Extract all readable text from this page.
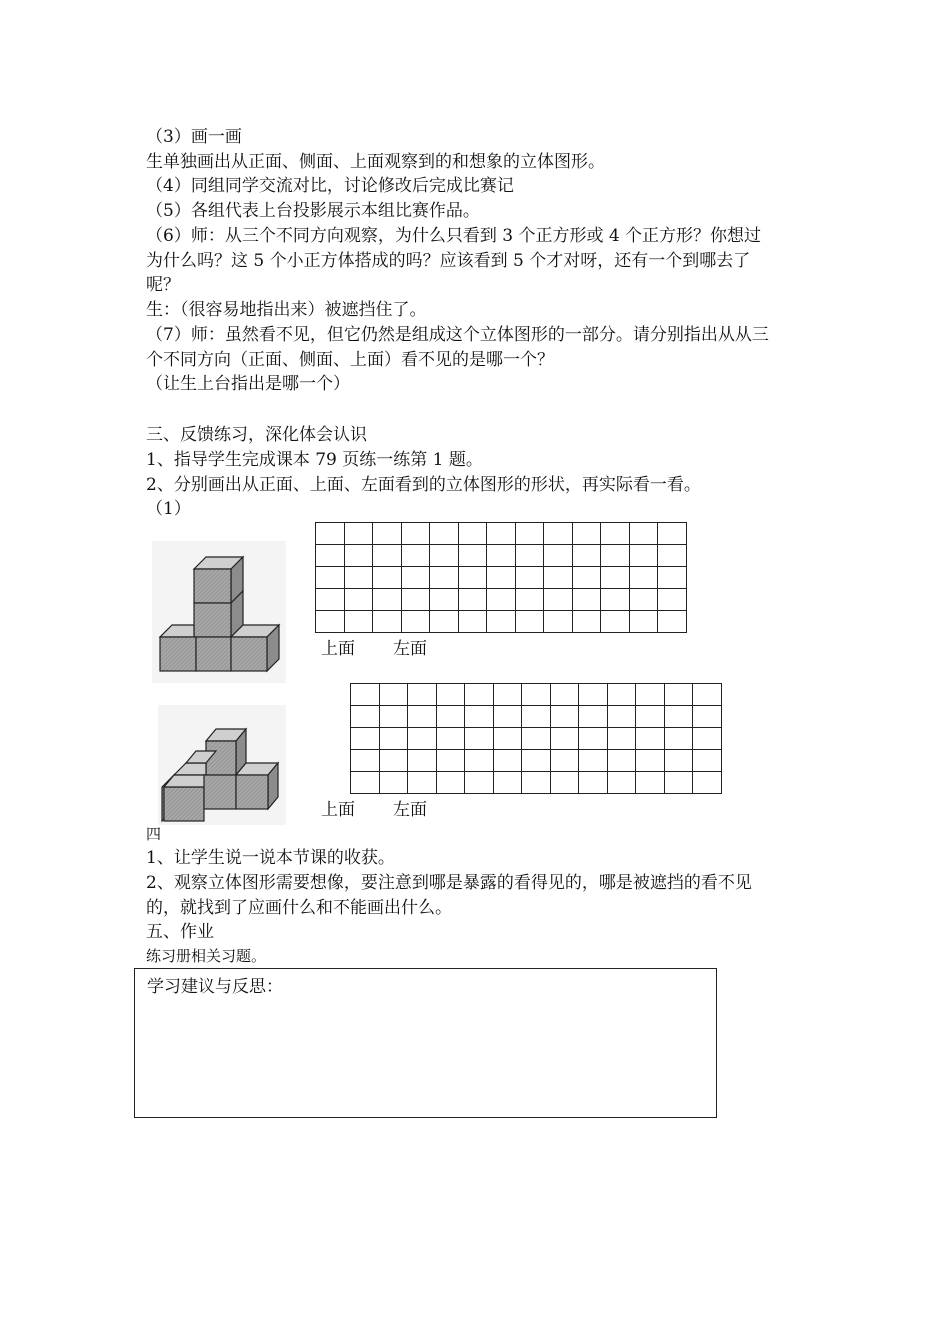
（3）画一画
生单独画出从正面、侧面、上面观察到的和想象的立体图形。
（4）同组同学交流对比，讨论修改后完成比赛记
（5）各组代表上台投影展示本组比赛作品。
（6）师：从三个不同方向观察，为什么只看到 3 个正方形或 4 个正方形？你想过
为什么吗？这 5 个小正方体搭成的吗？应该看到 5 个才对呀，还有一个到哪去了
呢？
生：（很容易地指出来）被遮挡住了。
（7）师：虽然看不见，但它仍然是组成这个立体图形的一部分。请分别指出从从三
个不同方向（正面、侧面、上面）看不见的是哪一个？
（让生上台指出是哪一个）
三、反馈练习，深化体会认识
1、指导学生完成课本 79 页练一练第 1 题。
2、分别画出从正面、上面、左面看到的立体图形的形状，再实际看一看。
（1）

上面 左面

上面 左面
四
1、让学生说一说本节课的收获。
2、观察立体图形需要想像，要注意到哪是暴露的看得见的，哪是被遮挡的看不见
的，就找到了应画什么和不能画出什么。
五、作业
练习册相关习题。
学习建议与反思：
